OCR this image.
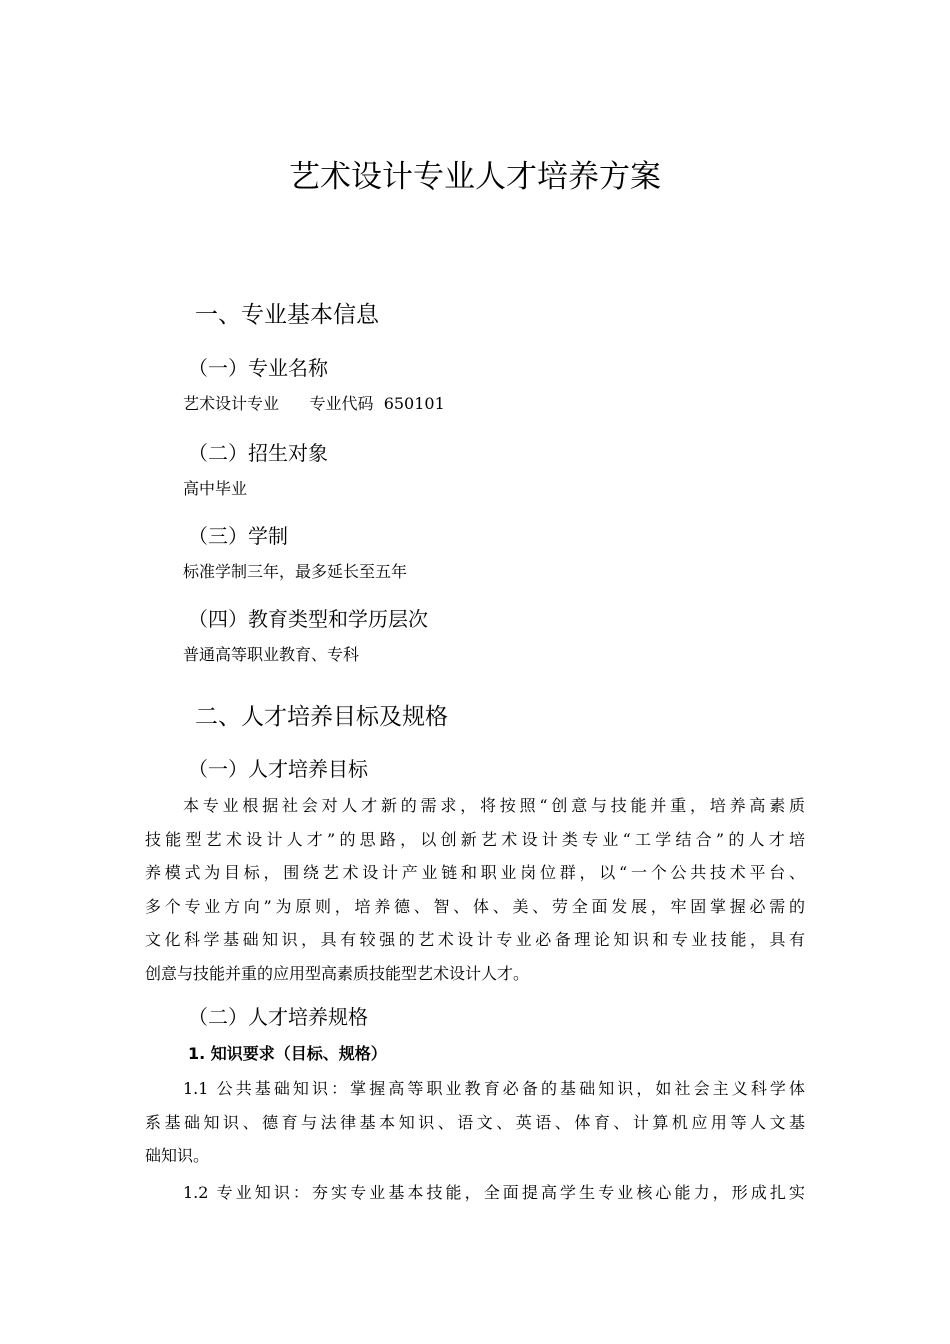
艺术设计专业人才培养方案
一、专业基本信息
（一）专业名称

艺术设计专业      专业代码  650101

（二）招生对象

高中毕业

（三）学制

标准学制三年，最多延长至五年

（四）教育类型和学历层次

普通高等职业教育、专科

二、人才培养目标及规格
（一）人才培养目标
本专业根据社会对人才新的需求，将按照“创意与技能并重，培养高素质
技能型艺术设计人才”的思路，以创新艺术设计类专业“工学结合”的人才培
养模式为目标，围绕艺术设计产业链和职业岗位群，以“一个公共技术平台、
多个专业方向”为原则，培养德、智、体、美、劳全面发展，牢固掌握必需的
文化科学基础知识，具有较强的艺术设计专业必备理论知识和专业技能，具有
创意与技能并重的应用型高素质技能型艺术设计人才。
（二）人才培养规格
1. 知识要求（目标、规格）
1.1 公共基础知识：掌握高等职业教育必备的基础知识，如社会主义科学体
系基础知识、德育与法律基本知识、语文、英语、体育、计算机应用等人文基
础知识。
1.2 专业知识：夯实专业基本技能，全面提高学生专业核心能力，形成扎实
